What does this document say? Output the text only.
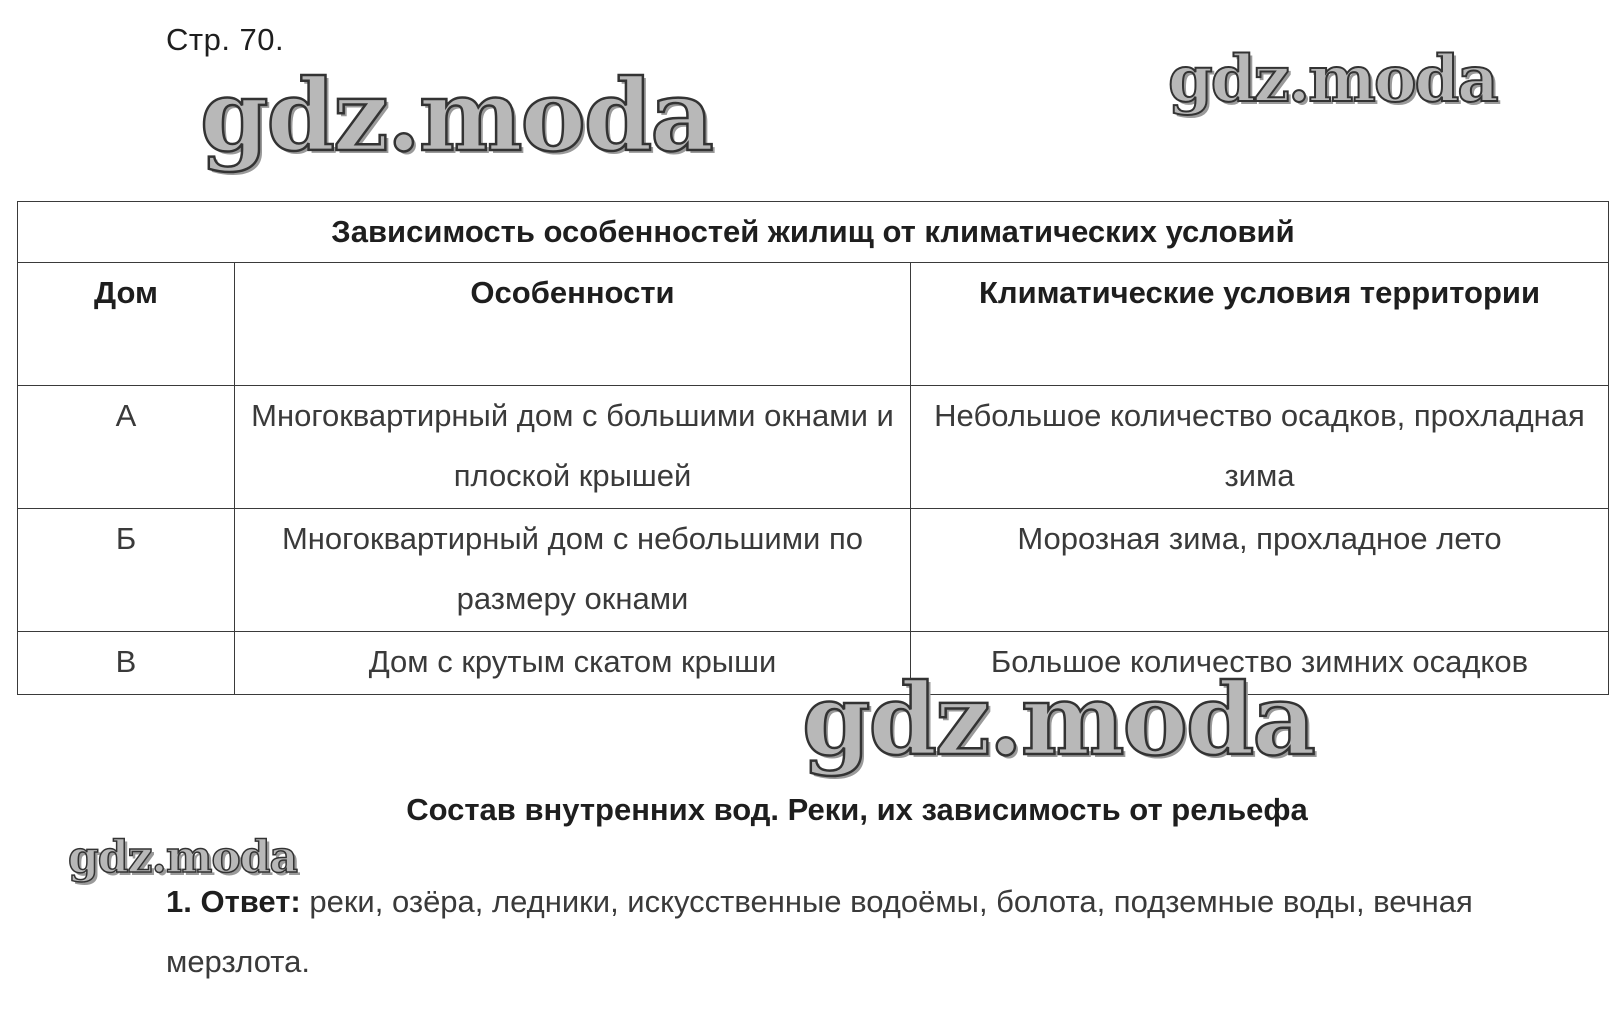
Стр. 70.
gdz.moda	gdz.moda
Зависимость особенностей жилищ от климатических условий		
Дом	Особенности	Климатические условия территории
А	Многоквартирный дом с большими окнами и плоской крышей	Небольшое количество осадков, прохладная зима
Б	Многоквартирный дом с небольшими по размеру окнами	Морозная зима, прохладное лето
В	Дом с крутым скатом крыши	Большое количество зимних осадков
gdz.moda
Состав внутренних вод. Реки, их зависимость от рельефа
gdz.moda
1. Ответ: реки, озёра, ледники, искусственные водоёмы, болота, подземные воды, вечная мерзлота.
